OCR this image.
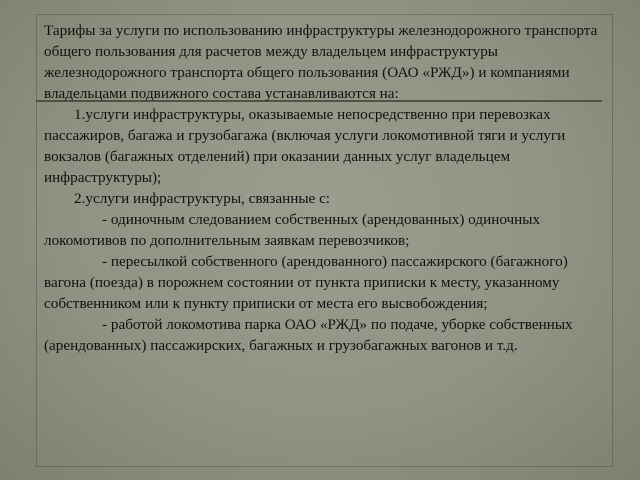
Тарифы за услуги по использованию инфраструктуры железнодорожного транспорта общего пользования для расчетов между владельцем инфраструктуры железнодорожного транспорта общего пользования (ОАО «РЖД») и компаниями владельцами подвижного состава устанавливаются на:

1.услуги инфраструктуры, оказываемые непосредственно при перевозках пассажиров, багажа и грузобагажа (включая услуги локомотивной тяги и услуги вокзалов (багажных отделений) при оказании данных услуг владельцем инфраструктуры);

2.услуги инфраструктуры, связанные с:

- одиночным следованием собственных (арендованных) одиночных локомотивов по дополнительным заявкам перевозчиков;

- пересылкой собственного (арендованного) пассажирского (багажного) вагона (поезда) в порожнем состоянии от пункта приписки к месту, указанному собственником или к пункту приписки от места его высвобождения;

- работой локомотива парка ОАО «РЖД» по подаче, уборке собственных (арендованных) пассажирских, багажных и грузобагажных вагонов и т.д.
